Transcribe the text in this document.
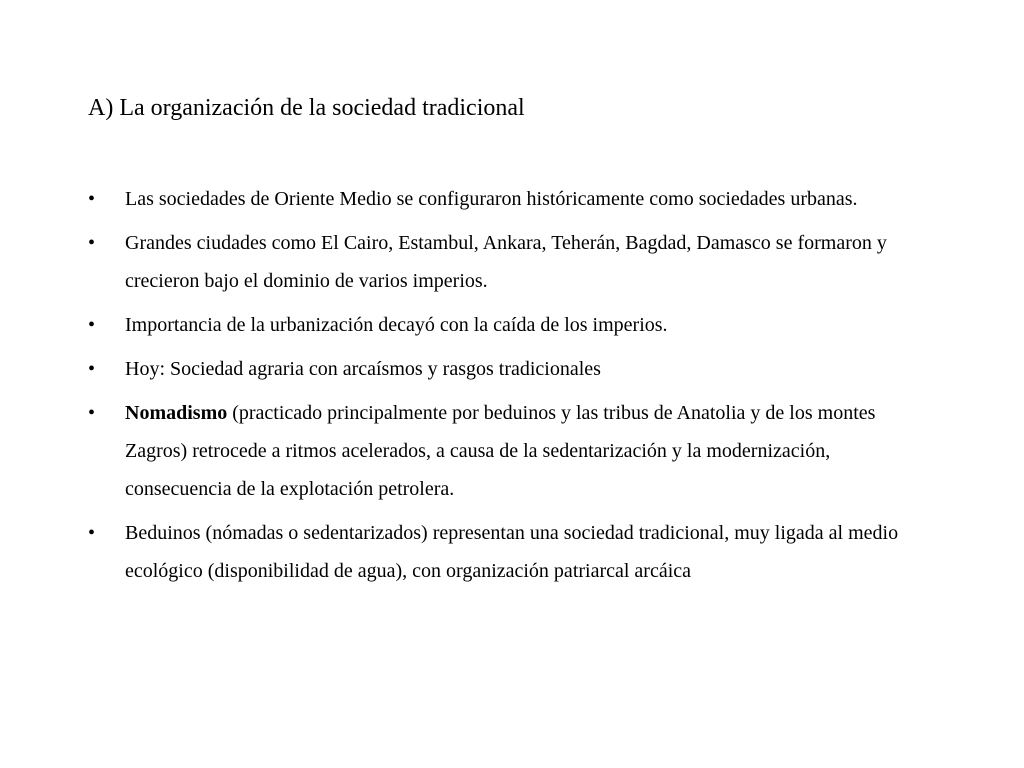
A) La organización de la sociedad tradicional
•	Las sociedades de Oriente Medio se configuraron históricamente como sociedades urbanas.
•	Grandes ciudades como El Cairo, Estambul, Ankara, Teherán, Bagdad, Damasco se formaron y crecieron bajo el dominio de varios imperios.
•	Importancia de la urbanización decayó con la caída de los imperios.
•	Hoy: Sociedad agraria con arcaísmos y rasgos tradicionales
•	Nomadismo (practicado principalmente por beduinos y las tribus de Anatolia y de los montes Zagros) retrocede a ritmos acelerados, a causa de la sedentarización y la modernización, consecuencia de la explotación petrolera.
•	Beduinos (nómadas o sedentarizados) representan una sociedad tradicional, muy ligada al medio ecológico (disponibilidad de agua), con organización patriarcal arcáica
